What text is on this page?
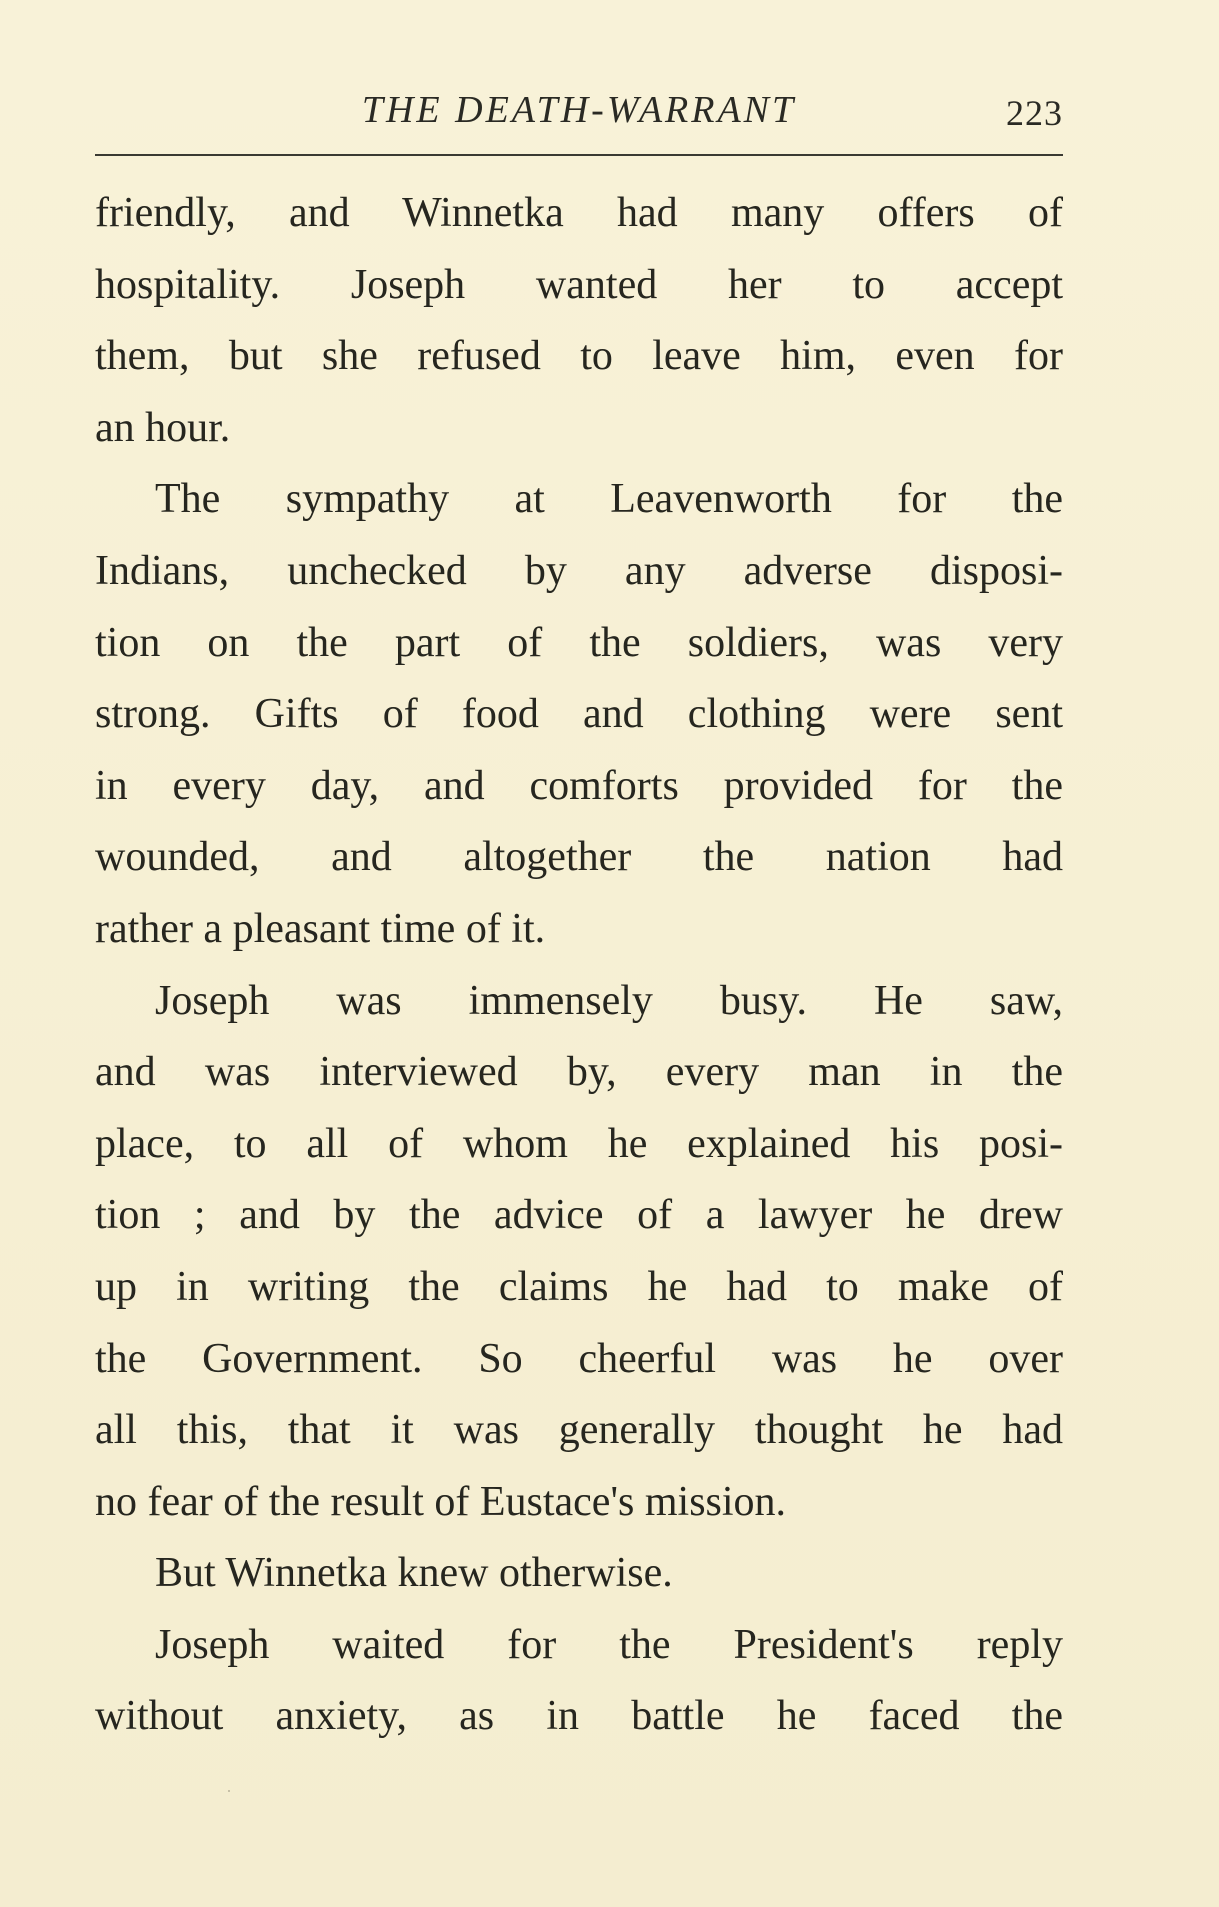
THE DEATH-WARRANT	223
friendly, and Winnetka had many offers of
hospitality. Joseph wanted her to accept
them, but she refused to leave him, even for
an hour.
The sympathy at Leavenworth for the
Indians, unchecked by any adverse disposi-
tion on the part of the soldiers, was very
strong. Gifts of food and clothing were sent
in every day, and comforts provided for the
wounded, and altogether the nation had
rather a pleasant time of it.
Joseph was immensely busy. He saw,
and was interviewed by, every man in the
place, to all of whom he explained his posi-
tion ; and by the advice of a lawyer he drew
up in writing the claims he had to make of
the Government. So cheerful was he over
all this, that it was generally thought he had
no fear of the result of Eustace's mission.
But Winnetka knew otherwise.
Joseph waited for the President's reply
without anxiety, as in battle he faced the
